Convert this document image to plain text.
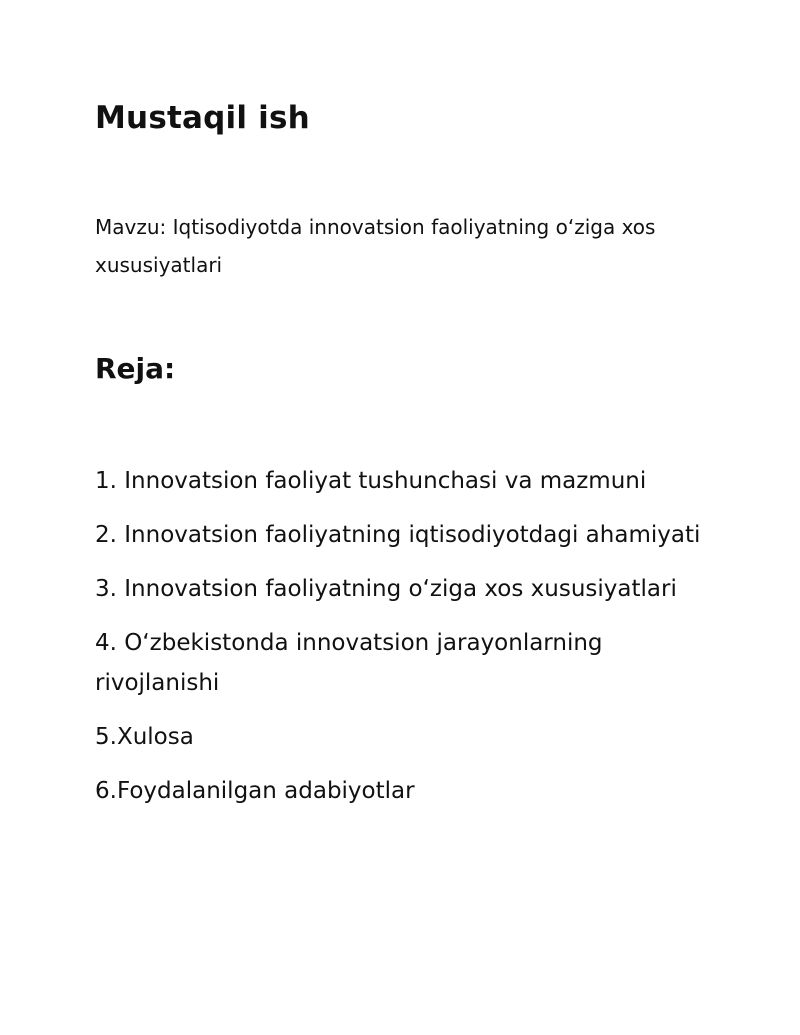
Mustaqil ish

Mavzu: Iqtisodiyotda innovatsion faoliyatning o‘ziga xos xususiyatlari

Reja:
1. Innovatsion faoliyat tushunchasi va mazmuni
2. Innovatsion faoliyatning iqtisodiyotdagi ahamiyati
3. Innovatsion faoliyatning o‘ziga xos xususiyatlari
4. O‘zbekistonda innovatsion jarayonlarning rivojlanishi
5.Xulosa
6.Foydalanilgan adabiyotlar
